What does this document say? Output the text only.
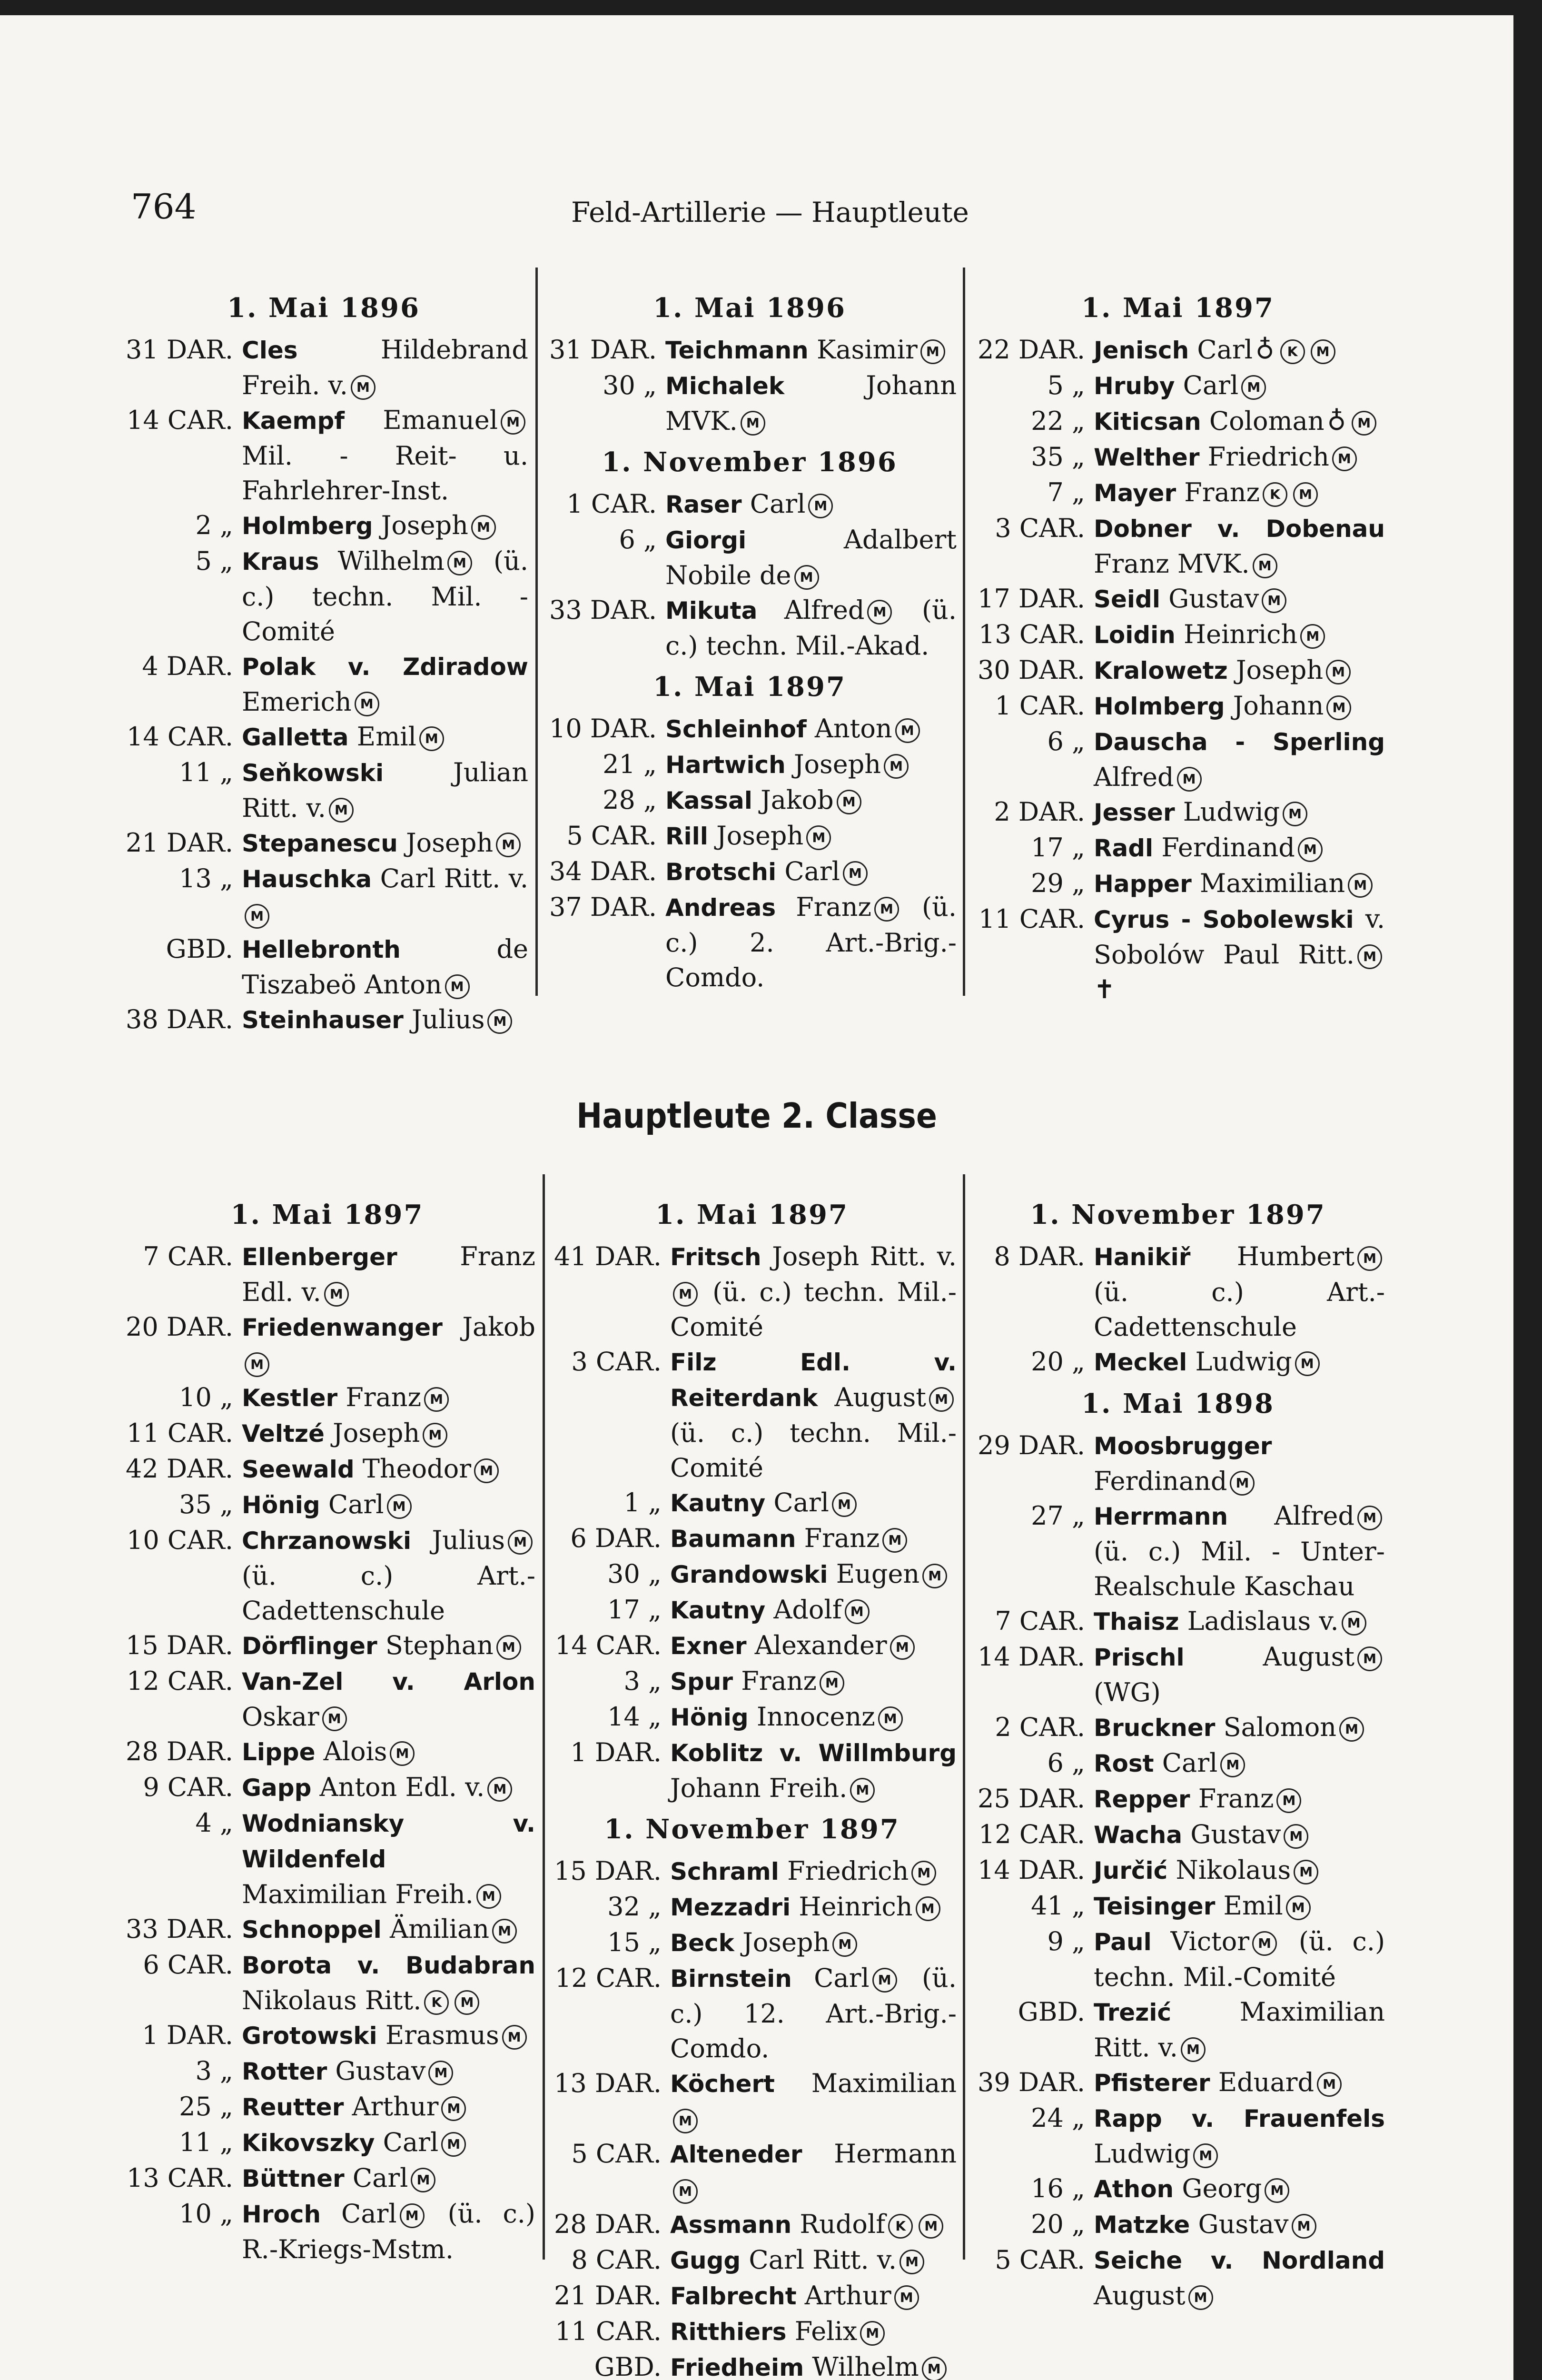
764	Feld-Artillerie — Hauptleute
1. Mai 1896
31 DAR. Cles	Hildebrand Freih. v. M
14 CAR. Kaempf Emanuel M Mil. - Reit- u. Fahrlehrer-Inst.
2 „ Holmberg Joseph M
5 „ Kraus Wilhelm M (ü. c.) techn. Mil. - Comité
4 DAR. Polak v. Zdiradow Emerich M
14 CAR. Galletta Emil M
11 „ Seňkowski	Julian Ritt. v. M
21 DAR. Stepanescu Joseph M
13 „ Hauschka Carl Ritt. v.M
GBD. Hellebronth	de Tiszabeö Anton M
38 DAR. Steinhauser Julius M
1. Mai 1896
31 DAR. Teichmann Kasimir M
30 „ Michalek	Johann MVK. M
1. November 1896
1 CAR. Raser Carl M
6 „ Giorgi	Adalbert Nobile de M
33 DAR. Mikuta Alfred M (ü. c.) techn. Mil.-Akad.
1. Mai 1897
10 DAR. Schleinhof Anton M
21 „ Hartwich Joseph M
28 „ Kassal Jakob M
5 CAR. Rill Joseph M
34 DAR. Brotschi Carl M
37 DAR. Andreas Franz M (ü. c.) 2. Art.-Brig.-Comdo.
1. Mai 1897
22 DAR. Jenisch Carl ♁ K M
5 „ Hruby Carl M
22 „ Kiticsan Coloman ♁ M
35 „ Welther Friedrich M
7 „ Mayer Franz K M
3 CAR. Dobner v. Dobenau Franz MVK. M
17 DAR. Seidl Gustav M
13 CAR. Loidin Heinrich M
30 DAR. Kralowetz Joseph M
1 CAR. Holmberg Johann M
6 „ Dauscha - Sperling Alfred M
2 DAR. Jesser Ludwig M
17 „ Radl Ferdinand M
29 „ Happer Maximilian M
11 CAR. Cyrus - Sobolewski v. Sobolów Paul Ritt. M ✝
Hauptleute 2. Classe
1. Mai 1897
7 CAR. Ellenberger Franz Edl. v. M
20 DAR. Friedenwanger JakobM
10 „ Kestler Franz M
11 CAR. Veltzé Joseph M
42 DAR. Seewald Theodor M
35 „ Hönig Carl M
10 CAR. Chrzanowski Julius M (ü. c.) Art.-Cadettenschule
15 DAR. Dörflinger Stephan M
12 CAR. Van-Zel v. Arlon Oskar M
28 DAR. Lippe Alois M
9 CAR. Gapp Anton Edl. v. M
4 „ Wodniansky v. Wildenfeld Maximilian Freih. M
33 DAR. Schnoppel Ämilian M
6 CAR. Borota v. Budabran Nikolaus Ritt. K M
1 DAR. Grotowski Erasmus M
3 „ Rotter Gustav M
25 „ Reutter Arthur M
11 „ Kikovszky Carl M
13 CAR. Büttner Carl M
10 „ Hroch Carl M (ü. c.) R.-Kriegs-Mstm.
1. Mai 1897
41 DAR. Fritsch Joseph Ritt. v.M (ü. c.) techn. Mil.-Comité
3 CAR. Filz Edl. v. Reiterdank August M (ü. c.) techn. Mil.-Comité
1 „ Kautny Carl M
6 DAR. Baumann Franz M
30 „ Grandowski Eugen M
17 „ Kautny Adolf M
14 CAR. Exner Alexander M
3 „ Spur Franz M
14 „ Hönig Innocenz M
1 DAR. Koblitz v. Willmburg Johann Freih. M
1. November 1897
15 DAR. Schraml Friedrich M
32 „ Mezzadri Heinrich M
15 „ Beck Joseph M
12 CAR. Birnstein Carl M (ü. c.) 12. Art.-Brig.-Comdo.
13 DAR. Köchert MaximilianM
5 CAR. Alteneder HermannM
28 DAR. Assmann Rudolf K M
8 CAR. Gugg Carl Ritt. v. M
21 DAR. Falbrecht Arthur M
11 CAR. Ritthiers Felix M
GBD. Friedheim Wilhelm M
1. November 1897
8 DAR. Hanikiř Humbert M (ü. c.) Art.-Cadettenschule
20 „ Meckel Ludwig M
1. Mai 1898
29 DAR. Moosbrugger Ferdinand M
27 „ Herrmann Alfred M (ü. c.) Mil. - Unter-Realschule Kaschau
7 CAR. Thaisz Ladislaus v. M
14 DAR. Prischl	August M (WG)
2 CAR. Bruckner Salomon M
6 „ Rost Carl M
25 DAR. Repper Franz M
12 CAR. Wacha Gustav M
14 DAR. Jurčić Nikolaus M
41 „ Teisinger Emil M
9 „ Paul Victor M (ü. c.) techn. Mil.-Comité
GBD. Trezić	Maximilian Ritt. v. M
39 DAR. Pfisterer Eduard M
24 „ Rapp v. Frauenfels Ludwig M
16 „ Athon Georg M
20 „ Matzke Gustav M
5 CAR. Seiche v. Nordland August M
